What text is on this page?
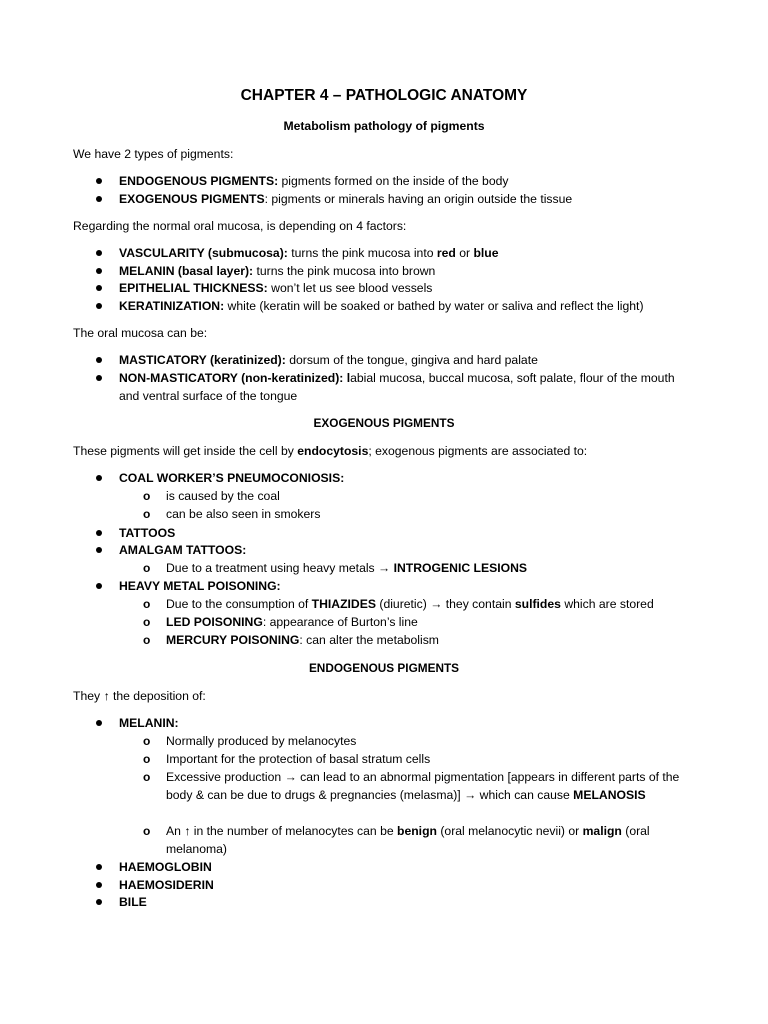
CHAPTER 4 – PATHOLOGIC ANATOMY
Metabolism pathology of pigments
We have 2 types of pigments:
ENDOGENOUS PIGMENTS: pigments formed on the inside of the body
EXOGENOUS PIGMENTS: pigments or minerals having an origin outside the tissue
Regarding the normal oral mucosa, is depending on 4 factors:
VASCULARITY (submucosa): turns the pink mucosa into red or blue
MELANIN (basal layer): turns the pink mucosa into brown
EPITHELIAL THICKNESS: won’t let us see blood vessels
KERATINIZATION: white (keratin will be soaked or bathed by water or saliva and reflect the light)
The oral mucosa can be:
MASTICATORY (keratinized): dorsum of the tongue, gingiva and hard palate
NON-MASTICATORY (non-keratinized): labial mucosa, buccal mucosa, soft palate, flour of the mouth and ventral surface of the tongue
EXOGENOUS PIGMENTS
These pigments will get inside the cell by endocytosis; exogenous pigments are associated to:
COAL WORKER’S PNEUMOCONIOSIS:
o is caused by the coal
o can be also seen in smokers
TATTOOS
AMALGAM TATTOOS:
o Due to a treatment using heavy metals → INTROGENIC LESIONS
HEAVY METAL POISONING:
o Due to the consumption of THIAZIDES (diuretic) → they contain sulfides which are stored
o LED POISONING: appearance of Burton’s line
o MERCURY POISONING: can alter the metabolism
ENDOGENOUS PIGMENTS
They ↑ the deposition of:
MELANIN:
o Normally produced by melanocytes
o Important for the protection of basal stratum cells
o Excessive production → can lead to an abnormal pigmentation [appears in different parts of the body & can be due to drugs & pregnancies (melasma)] → which can cause MELANOSIS
o An ↑ in the number of melanocytes can be benign (oral melanocytic nevii) or malign (oral melanoma)
HAEMOGLOBIN
HAEMOSIDERIN
BILE
